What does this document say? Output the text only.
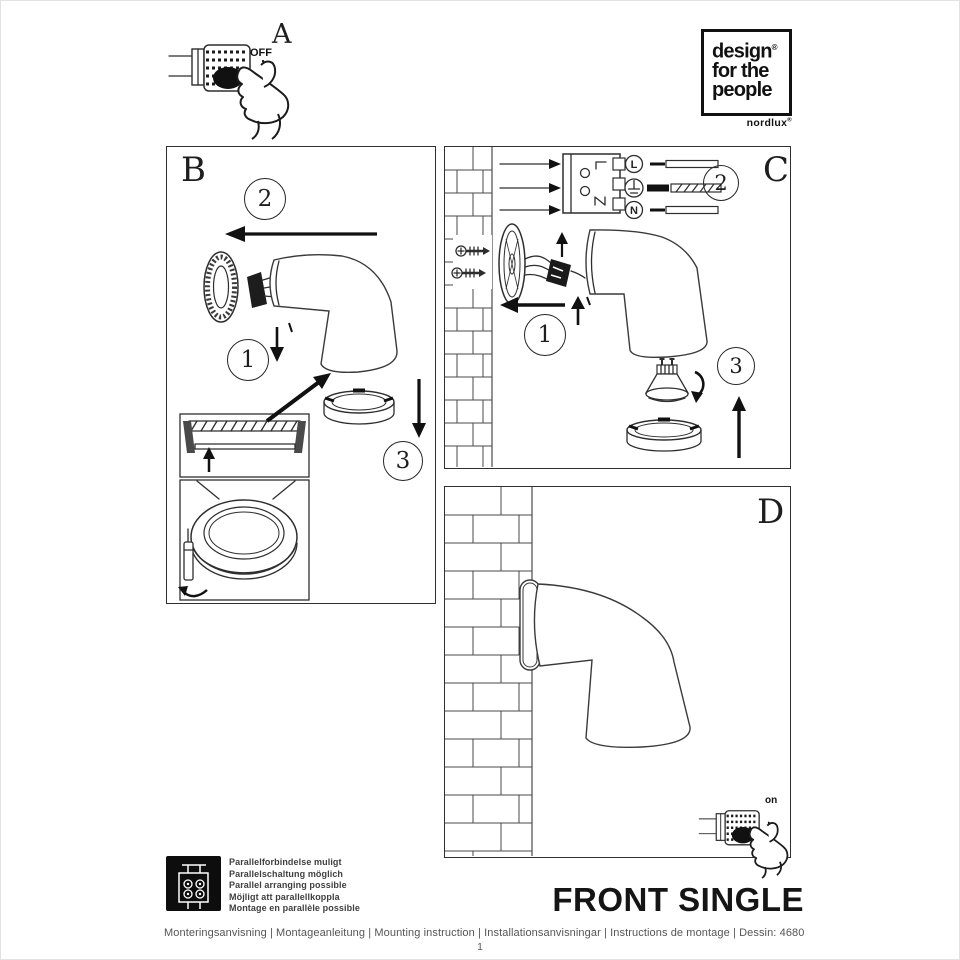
OFF
A
design®
for the
people
nordlux®
B
2
1
3
L
N
C
2
1
3
D
on
Parallelforbindelse muligt
Parallelschaltung möglich
Parallel arranging possible
Möjligt att parallellkoppla
Montage en parallèle possible	FRONT SINGLE
Monteringsanvisning | Montageanleitung | Mounting instruction | Installationsanvisningar | Instructions de montage | Dessin: 4680
1
